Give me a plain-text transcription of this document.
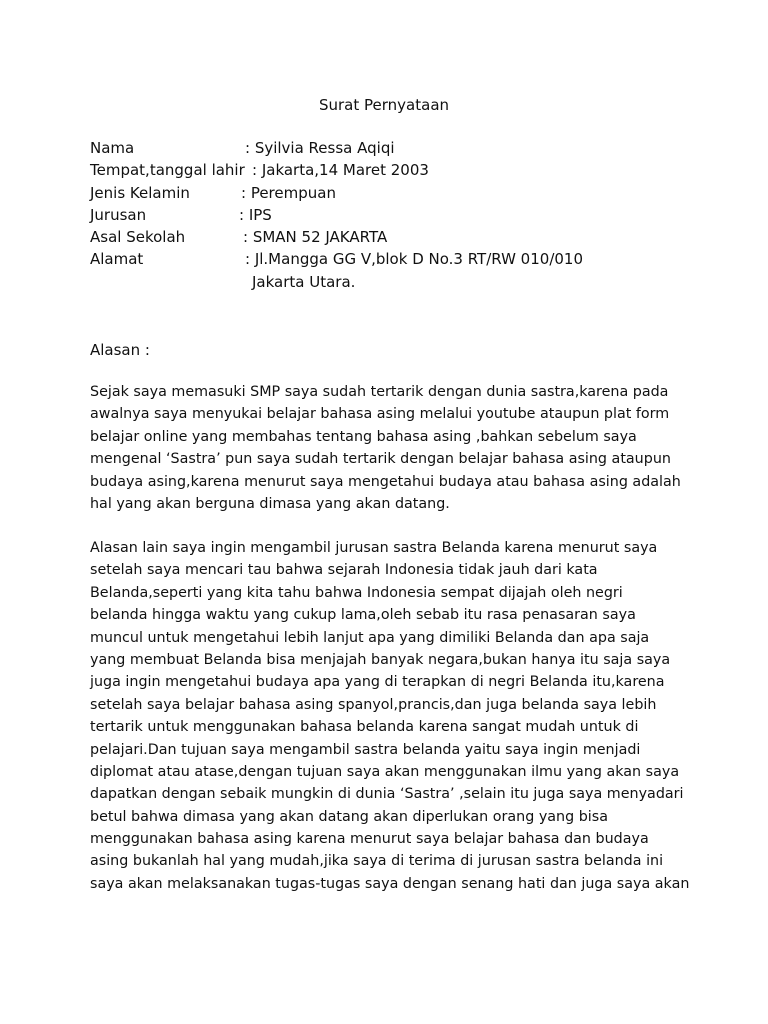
Surat Pernyataan
Nama	: Syilvia Ressa Aqiqi
Tempat,tanggal lahir : Jakarta,14 Maret 2003
Jenis Kelamin	: Perempuan
Jurusan	: IPS
Asal Sekolah	: SMAN 52 JAKARTA
Alamat	: Jl.Mangga GG V,blok D No.3 RT/RW 010/010
Jakarta Utara.
Alasan :
Sejak saya memasuki SMP saya sudah tertarik dengan dunia sastra,karena pada
awalnya saya menyukai belajar bahasa asing melalui youtube ataupun plat form
belajar online yang membahas tentang bahasa asing ,bahkan sebelum saya
mengenal ‘Sastra’ pun saya sudah tertarik dengan belajar bahasa asing ataupun
budaya asing,karena menurut saya mengetahui budaya atau bahasa asing adalah
hal yang akan berguna dimasa yang akan datang.
Alasan lain saya ingin mengambil jurusan sastra Belanda karena menurut saya
setelah saya mencari tau bahwa sejarah Indonesia tidak jauh dari kata
Belanda,seperti yang kita tahu bahwa Indonesia sempat dijajah oleh negri
belanda hingga waktu yang cukup lama,oleh sebab itu rasa penasaran saya
muncul untuk mengetahui lebih lanjut apa yang dimiliki Belanda dan apa saja
yang membuat Belanda bisa menjajah banyak negara,bukan hanya itu saja saya
juga ingin mengetahui budaya apa yang di terapkan di negri Belanda itu,karena
setelah saya belajar bahasa asing spanyol,prancis,dan juga belanda saya lebih
tertarik untuk menggunakan bahasa belanda karena sangat mudah untuk di
pelajari.Dan tujuan saya mengambil sastra belanda yaitu saya ingin menjadi
diplomat atau atase,dengan tujuan saya akan menggunakan ilmu yang akan saya
dapatkan dengan sebaik mungkin di dunia ‘Sastra’ ,selain itu juga saya menyadari
betul bahwa dimasa yang akan datang akan diperlukan orang yang bisa
menggunakan bahasa asing karena menurut saya belajar bahasa dan budaya
asing bukanlah hal yang mudah,jika saya di terima di jurusan sastra belanda ini
saya akan melaksanakan tugas-tugas saya dengan senang hati dan juga saya akan
